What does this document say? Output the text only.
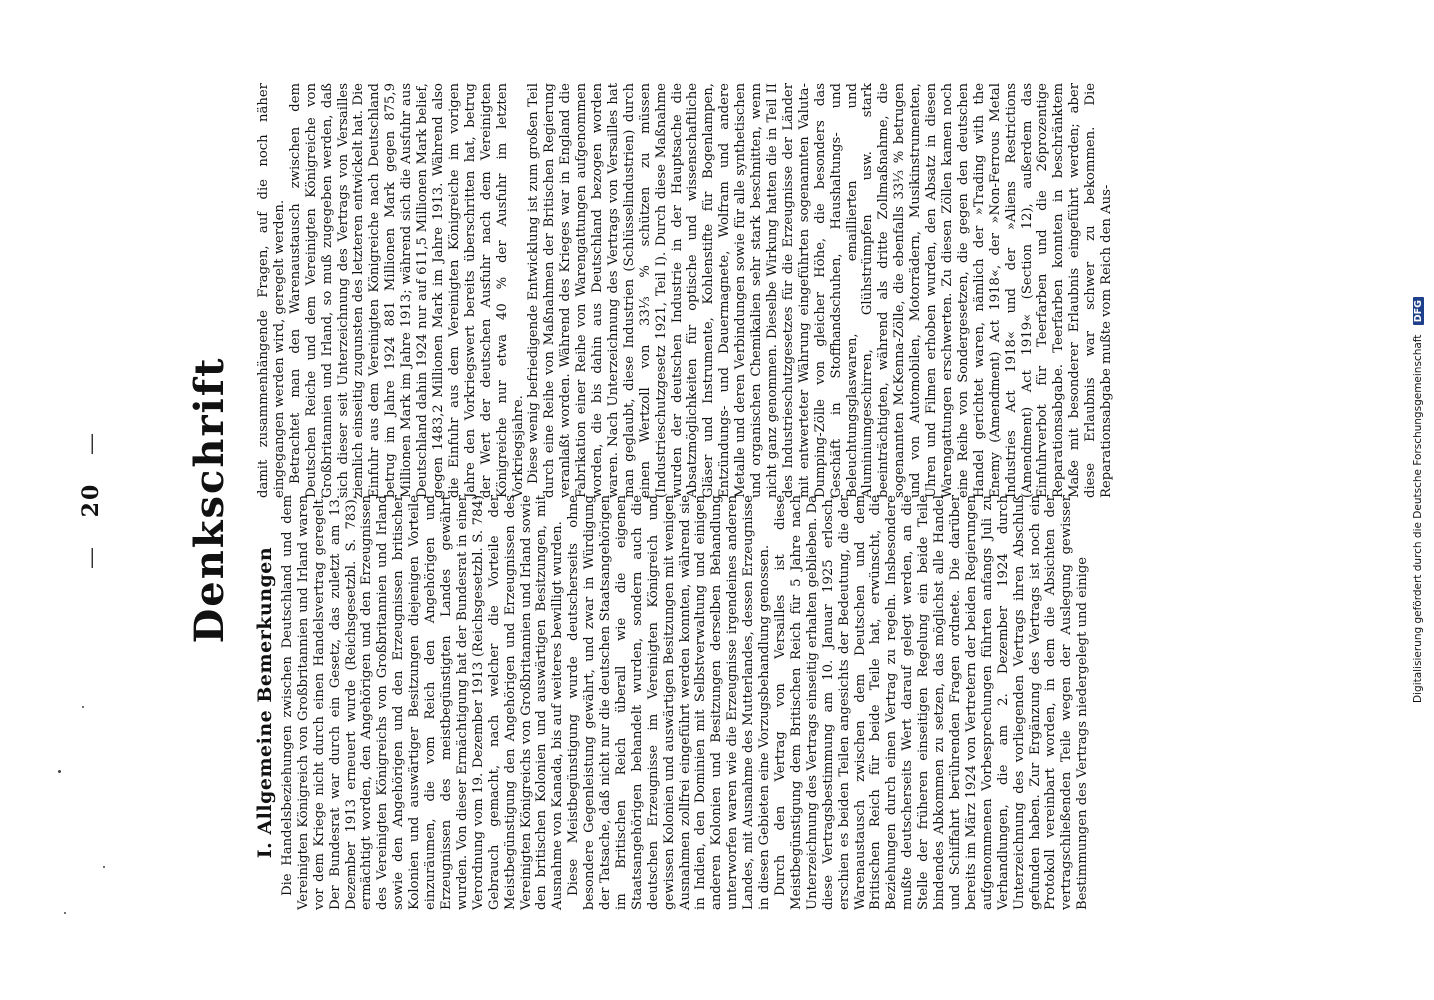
— 20 — Denkschrift
I. Allgemeine Bemerkungen Die Handelsbeziehungen zwischen Deutschland und dem Vereinigten Königreich von Großbritannien und Irland waren vor dem Kriege nicht durch einen Handelsvertrag geregelt. Der Bundesrat war durch ein Gesetz, das zuletzt am 13. Dezember 1913 erneuert wurde (Reichsgesetzbl. S. 783), ermächtigt worden, den Angehörigen und den Erzeugnissen des Vereinigten Königreichs von Großbritannien und Irland sowie den Angehörigen und den Erzeugnissen britischer Kolonien und auswärtiger Besitzungen diejenigen Vorteile einzuräumen, die vom Reich den Angehörigen und Erzeugnissen des meistbegünstigten Landes gewährt wurden. Von dieser Ermächtigung hat der Bundesrat in einer Verordnung vom 19. Dezember 1913 (Reichsgesetzbl. S. 784) Gebrauch gemacht, nach welcher die Vorteile der Meistbegünstigung den Angehörigen und Erzeugnissen des Vereinigten Königreichs von Großbritannien und Irland sowie den britischen Kolonien und auswärtigen Besitzungen, mit Ausnahme von Kanada, bis auf weiteres bewilligt wurden. Diese Meistbegünstigung wurde deutscherseits ohne besondere Gegenleistung gewährt, und zwar in Würdigung der Tatsache, daß nicht nur die deutschen Staatsangehörigen im Britischen Reich überall wie die eigenen Staatsangehörigen behandelt wurden, sondern auch die deutschen Erzeugnisse im Vereinigten Königreich und gewissen Kolonien und auswärtigen Besitzungen mit wenigen Ausnahmen zollfrei eingeführt werden konnten, während sie in Indien, den Dominien mit Selbstverwaltung und einigen anderen Kolonien und Besitzungen derselben Behandlung unterworfen waren wie die Erzeugnisse irgendeines anderen Landes, mit Ausnahme des Mutterlandes, dessen Erzeugnisse in diesen Gebieten eine Vorzugsbehandlung genossen. Durch den Vertrag von Versailles ist diese Meistbegünstigung dem Britischen Reich für 5 Jahre nach Unterzeichnung des Vertrags einseitig erhalten geblieben. Da diese Vertragsbestimmung am 10. Januar 1925 erlosch, erschien es beiden Teilen angesichts der Bedeutung, die der Warenaustausch zwischen dem Deutschen und dem Britischen Reich für beide Teile hat, erwünscht, die Beziehungen durch einen Vertrag zu regeln. Insbesondere mußte deutscherseits Wert darauf gelegt werden, an die Stelle der früheren einseitigen Regelung ein beide Teile bindendes Abkommen zu setzen, das möglichst alle Handel und Schiffahrt berührenden Fragen ordnete. Die darüber bereits im März 1924 von Vertretern der beiden Regierungen aufgenommenen Vorbesprechungen führten anfangs Juli zu Verhandlungen, die am 2. Dezember 1924 durch Unterzeichnung des vorliegenden Vertrags ihren Abschluß gefunden haben. Zur Ergänzung des Vertrags ist noch ein Protokoll vereinbart worden, in dem die Absichten der vertragschließenden Teile wegen der Auslegung gewisser Bestimmungen des Vertrags niedergelegt und einige

damit zusammenhängende Fragen, auf die noch näher eingegangen werden wird, geregelt werden. Betrachtet man den Warenaustausch zwischen dem Deutschen Reiche und dem Vereinigten Königreiche von Großbritannien und Irland, so muß zugegeben werden, daß sich dieser seit Unterzeichnung des Vertrags von Versailles ziemlich einseitig zugunsten des letzteren entwickelt hat. Die Einfuhr aus dem Vereinigten Königreiche nach Deutschland betrug im Jahre 1924 881 Millionen Mark gegen 875,9 Millionen Mark im Jahre 1913; während sich die Ausfuhr aus Deutschland dahin 1924 nur auf 611,5 Millionen Mark belief, gegen 1483,2 Millionen Mark im Jahre 1913. Während also die Einfuhr aus dem Vereinigten Königreiche im vorigen Jahre den Vorkriegswert bereits überschritten hat, betrug der Wert der deutschen Ausfuhr nach dem Vereinigten Königreiche nur etwa 40 % der Ausfuhr im letzten Vorkriegsjahre. Diese wenig befriedigende Entwicklung ist zum großen Teil durch eine Reihe von Maßnahmen der Britischen Regierung veranlaßt worden. Während des Krieges war in England die Fabrikation einer Reihe von Warengattungen aufgenommen worden, die bis dahin aus Deutschland bezogen worden waren. Nach Unterzeichnung des Vertrags von Versailles hat man geglaubt, diese Industrien (Schlüsselindustrien) durch einen Wertzoll von 33⅓ % schützen zu müssen (Industrieschutzgesetz 1921, Teil I). Durch diese Maßnahme wurden der deutschen Industrie in der Hauptsache die Absatzmöglichkeiten für optische und wissenschaftliche Gläser und Instrumente, Kohlenstifte für Bogenlampen, Entzündungs- und Dauermagnete, Wolfram und andere Metalle und deren Verbindungen sowie für alle synthetischen und organischen Chemikalien sehr stark beschnitten, wenn nicht ganz genommen. Dieselbe Wirkung hatten die in Teil II des Industrieschutzgesetzes für die Erzeugnisse der Länder mit entwerteter Währung eingeführten sogenannten Valuta-Dumping-Zölle von gleicher Höhe, die besonders das Geschäft in Stoffhandschuhen, Haushaltungs- und Beleuchtungsglaswaren, emaillierten und Aluminiumgeschirren, Glühstrümpfen usw. stark beeinträchtigten, während als dritte Zollmaßnahme, die sogenannten McKenna-Zölle, die ebenfalls 33⅓ % betrugen und von Automobilen, Motorrädern, Musikinstrumenten, Uhren und Filmen erhoben wurden, den Absatz in diesen Warengattungen erschwerten. Zu diesen Zöllen kamen noch eine Reihe von Sondergesetzen, die gegen den deutschen Handel gerichtet waren, nämlich der »Trading with the Enemy (Amendment) Act 1918«, der »Non-Ferrous Metal Industries Act 1918« und der »Aliens Restrictions (Amendment) Act 1919« (Section 12), außerdem das Einfuhrverbot für Teerfarben und die 26prozentige Reparationsabgabe. Teerfarben konnten in beschränktem Maße mit besonderer Erlaubnis eingeführt werden; aber diese Erlaubnis war schwer zu bekommen. Die Reparationsabgabe mußte vom Reich den Aus-	Digitalisierung gefördert durch die Deutsche Forschungsgemeinschaft DFG
